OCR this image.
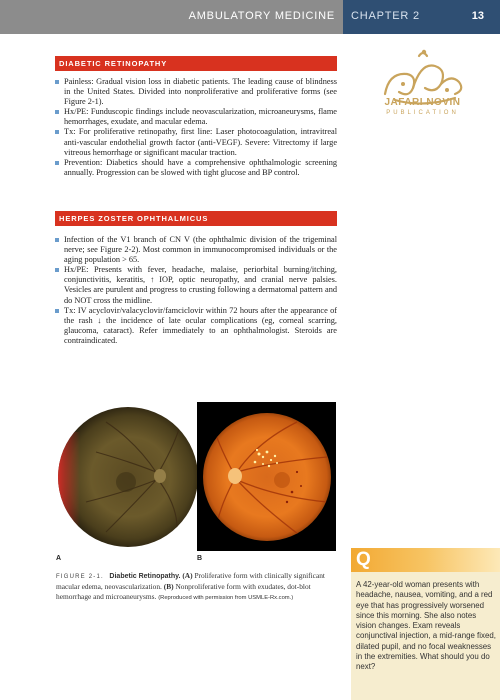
AMBULATORY MEDICINE CHAPTER 2	13
JAFARI NOVIN
PUBLICATION
Q
A 42-year-old woman presents with headache, nausea, vomiting, and a red eye that has progressively worsened since this morning. She also notes vision changes. Exam reveals conjunctival injection, a mid-range fixed, dilated pupil, and no focal weaknesses in the extremities. What should you do next?
DIABETIC RETINOPATHY
Painless: Gradual vision loss in diabetic patients. The leading cause of blindness in the United States. Divided into nonproliferative and proliferative forms (see Figure 2-1).
Hx/PE: Funduscopic findings include neovascularization, microaneurysms, flame hemorrhages, exudate, and macular edema.
Tx: For proliferative retinopathy, first line: Laser photocoagulation, intravitreal anti-vascular endothelial growth factor (anti-VEGF). Severe: Vitrectomy if large vitreous hemorrhage or significant macular traction.
Prevention: Diabetics should have a comprehensive ophthalmologic screening annually. Progression can be slowed with tight glucose and BP control.
HERPES ZOSTER OPHTHALMICUS
Infection of the V1 branch of CN V (the ophthalmic division of the trigeminal nerve; see Figure 2-2). Most common in immunocompromised individuals or the aging population > 65.
Hx/PE: Presents with fever, headache, malaise, periorbital burning/itching, conjunctivitis, keratitis, ↑ IOP, optic neuropathy, and cranial nerve palsies. Vesicles are purulent and progress to crusting following a dermatomal pattern and do NOT cross the midline.
Tx: IV acyclovir/valacyclovir/famciclovir within 72 hours after the appearance of the rash ↓ the incidence of late ocular complications (eg, corneal scarring, glaucoma, cataract). Refer immediately to an ophthalmologist. Steroids are contraindicated.
A	B
FIGURE 2-1. Diabetic Retinopathy. (A) Proliferative form with clinically significant macular edema, neovascularization. (B) Nonproliferative form with exudates, dot-blot hemorrhage and microaneurysms. (Reproduced with permission from USMLE-Rx.com.)
